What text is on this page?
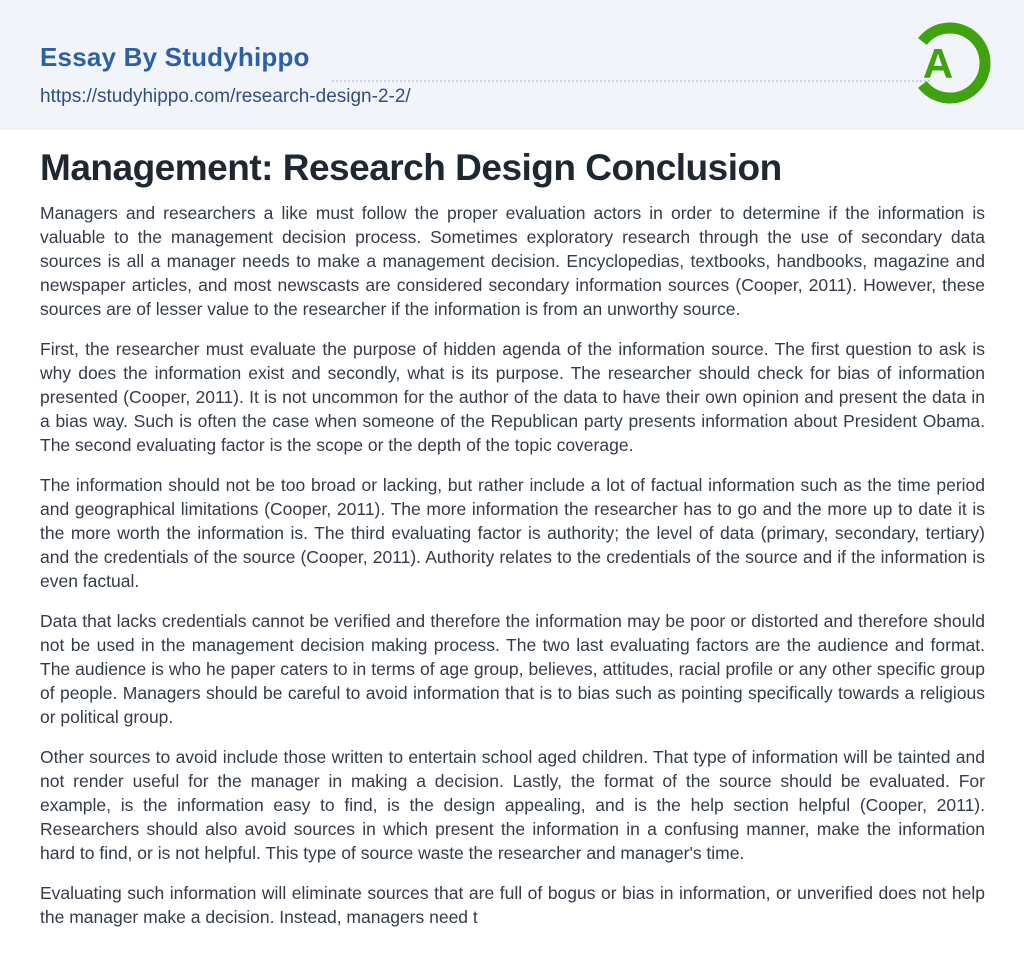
Essay By Studyhippo
https://studyhippo.com/research-design-2-2/
A
Management: Research Design Conclusion

Managers and researchers a like must follow the proper evaluation actors in order to determine if the information is valuable to the management decision process. Sometimes exploratory research through the use of secondary data sources is all a manager needs to make a management decision. Encyclopedias, textbooks, handbooks, magazine and newspaper articles, and most newscasts are considered secondary information sources (Cooper, 2011). However, these sources are of lesser value to the researcher if the information is from an unworthy source.

First, the researcher must evaluate the purpose of hidden agenda of the information source. The first question to ask is why does the information exist and secondly, what is its purpose. The researcher should check for bias of information presented (Cooper, 2011). It is not uncommon for the author of the data to have their own opinion and present the data in a bias way. Such is often the case when someone of the Republican party presents information about President Obama. The second evaluating factor is the scope or the depth of the topic coverage.

The information should not be too broad or lacking, but rather include a lot of factual information such as the time period and geographical limitations (Cooper, 2011). The more information the researcher has to go and the more up to date it is the more worth the information is. The third evaluating factor is authority; the level of data (primary, secondary, tertiary) and the credentials of the source (Cooper, 2011). Authority relates to the credentials of the source and if the information is even factual.

Data that lacks credentials cannot be verified and therefore the information may be poor or distorted and therefore should not be used in the management decision making process. The two last evaluating factors are the audience and format. The audience is who he paper caters to in terms of age group, believes, attitudes, racial profile or any other specific group of people. Managers should be careful to avoid information that is to bias such as pointing specifically towards a religious or political group.

Other sources to avoid include those written to entertain school aged children. That type of information will be tainted and not render useful for the manager in making a decision. Lastly, the format of the source should be evaluated. For example, is the information easy to find, is the design appealing, and is the help section helpful (Cooper, 2011). Researchers should also avoid sources in which present the information in a confusing manner, make the information hard to find, or is not helpful. This type of source waste the researcher and manager's time.

Evaluating such information will eliminate sources that are full of bogus or bias in information, or unverified does not help the manager make a decision. Instead, managers need t
